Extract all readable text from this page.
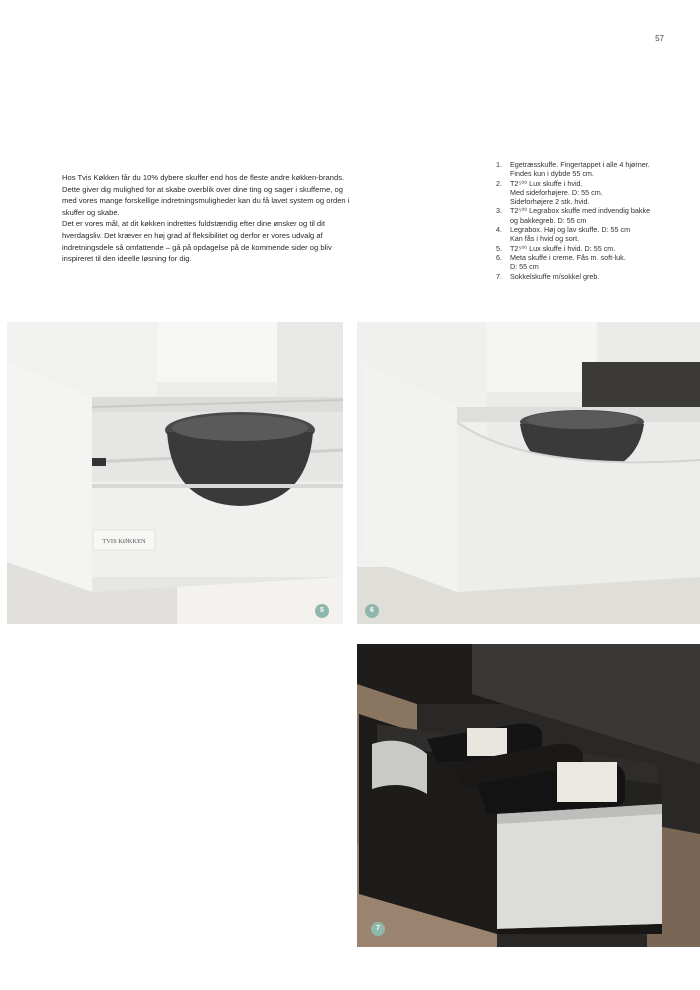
57

Hos Tvis Køkken får du 10% dybere skuffer end hos de fleste andre køkken-brands. Dette giver dig mulighed for at skabe overblik over dine ting og sager i skufferne, og med vores mange forskellige indretningsmuligheder kan du få lavet system og orden i skuffer og skabe.

Det er vores mål, at dit køkken indrettes fuldstændig efter dine ønsker og til dit hverdagsliv. Det kræver en høj grad af fleksibilitet og derfor er vores udvalg af indretningsdele så omfattende – gå på opdagelse på de kommende sider og bliv inspireret til den ideelle løsning for dig.

1. Egetræsskuffe. Fingertappet i alle 4 hjørner.
Findes kun i dybde 55 cm.
2. T2⁵⁰⁰ Lux skuffe i hvid.
Med sideforhøjere. D: 55 cm.
Sideforhøjere 2 stk. hvid.
3. T2⁵⁰⁰ Legrabox skuffe med indvendig bakke
og bakkegreb. D: 55 cm
4. Legrabox. Høj og lav skuffe. D: 55 cm
Kan fås i hvid og sort.
5. T2⁵⁰⁰ Lux skuffe i hvid. D: 55 cm.
6. Meta skuffe i creme. Fås m. soft-luk.
D: 55 cm
7. Sokkelskuffe m/sokkel greb.
TVIS KØKKEN
5	6
7
